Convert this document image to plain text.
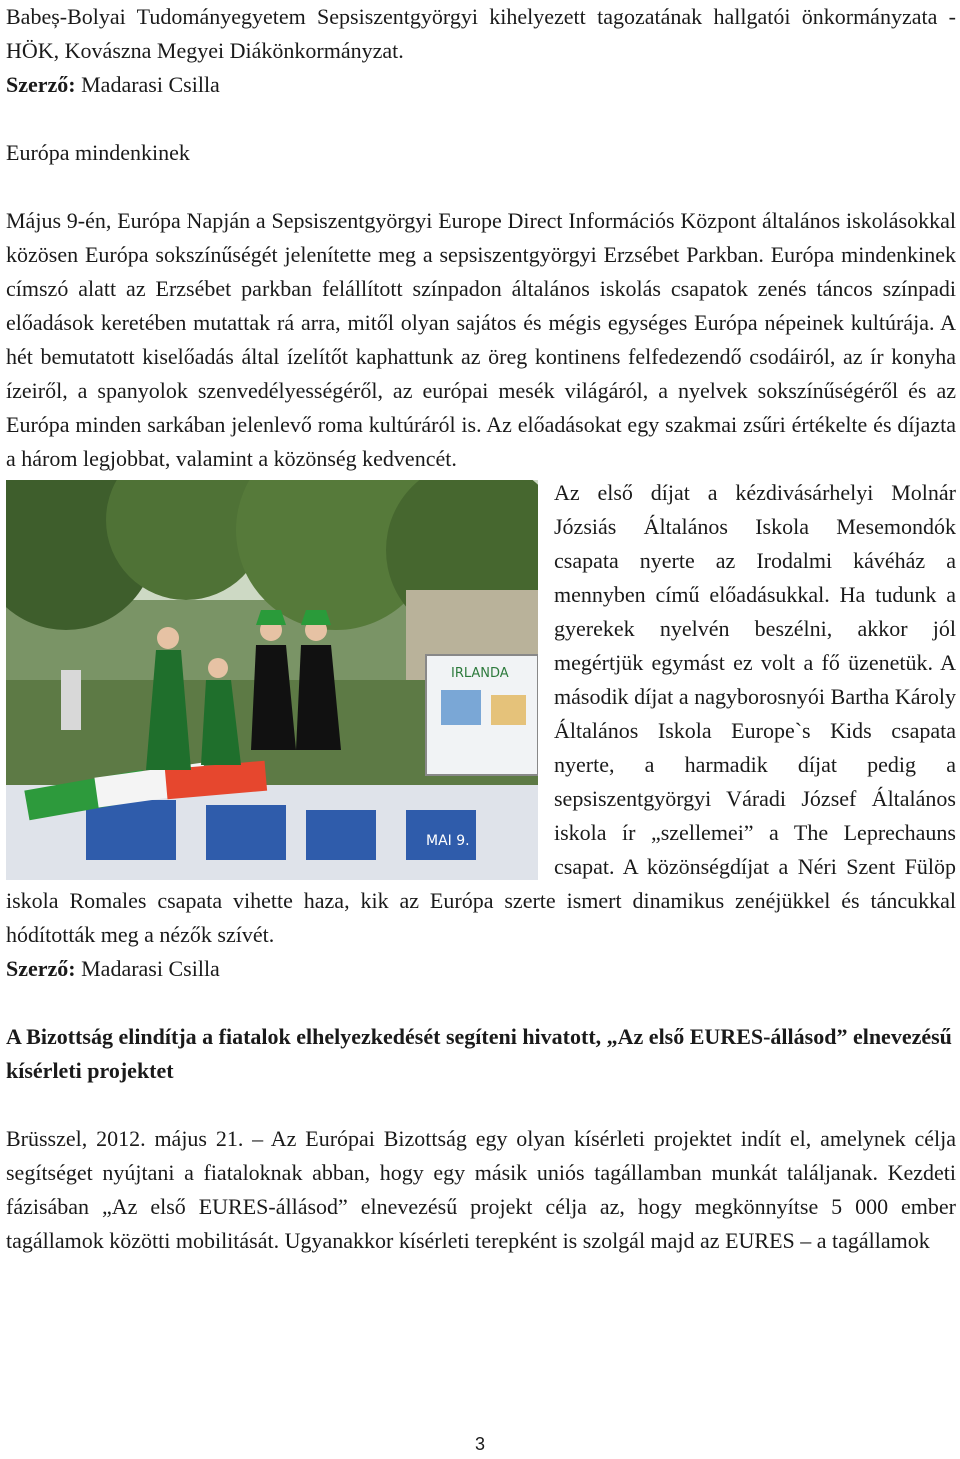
Babeș-Bolyai Tudományegyetem Sepsiszentgyörgyi kihelyezett tagozatának hallgatói önkormányzata - HÖK, Kovászna Megyei Diákönkormányzat.

Szerző: Madarasi Csilla

Európa mindenkinek

Május 9-én, Európa Napján a Sepsiszentgyörgyi Europe Direct Információs Központ általános iskolásokkal közösen Európa sokszínűségét jelenítette meg a sepsiszentgyörgyi Erzsébet Parkban. Európa mindenkinek címszó alatt az Erzsébet parkban felállított színpadon általános iskolás csapatok zenés táncos színpadi előadások keretében mutattak rá arra, mitől olyan sajátos és mégis egységes Európa népeinek kultúrája. A hét bemutatott kiselőadás által ízelítőt kaphattunk az öreg kontinens felfedezendő csodáiról, az ír konyha ízeiről, a spanyolok szenvedélyességéről, az európai mesék világáról, a nyelvek sokszínűségéről és az Európa minden sarkában jelenlevő roma kultúráról is. Az előadásokat egy szakmai zsűri értékelte és díjazta a három legjobbat, valamint a közönség kedvencét.

MAI 9.
IRLANDA

Az első díjat a kézdivásárhelyi Molnár Józsiás Általános Iskola Mesemondók csapata nyerte az Irodalmi kávéház a mennyben című előadásukkal. Ha tudunk a gyerekek nyelvén beszélni, akkor jól megértjük egymást ez volt a fő üzenetük. A második díjat a nagyborosnyói Bartha Károly Általános Iskola Europe`s Kids csapata nyerte, a harmadik díjat pedig a sepsiszentgyörgyi Váradi József Általános iskola ír „szellemei” a The Leprechauns csapat. A közönségdíjat a Néri Szent Fülöp iskola Romales csapata vihette haza, kik az Európa szerte ismert dinamikus zenéjükkel és táncukkal hódították meg a nézők szívét.

Szerző: Madarasi Csilla

A Bizottság elindítja a fiatalok elhelyezkedését segíteni hivatott, „Az első EURES-állásod” elnevezésű kísérleti projektet

Brüsszel, 2012. május 21. – Az Európai Bizottság egy olyan kísérleti projektet indít el, amelynek célja segítséget nyújtani a fiataloknak abban, hogy egy másik uniós tagállamban munkát találjanak. Kezdeti fázisában „Az első EURES-állásod” elnevezésű projekt célja az, hogy megkönnyítse 5 000 ember tagállamok közötti mobilitását. Ugyanakkor kísérleti terepként is szolgál majd az EURES – a tagállamok

3
